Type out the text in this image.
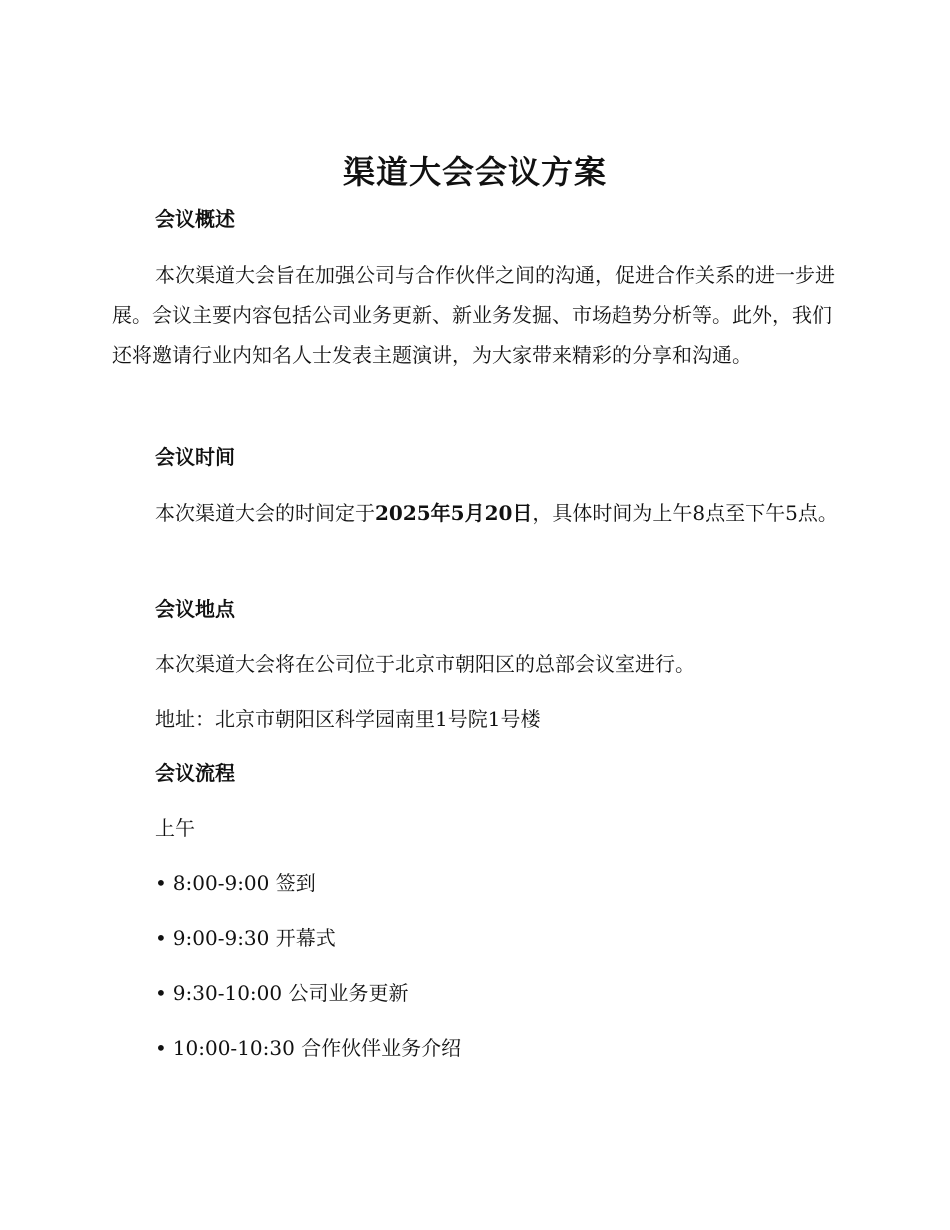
渠道大会会议方案
会议概述

本次渠道大会旨在加强公司与合作伙伴之间的沟通，促进合作关系的进一步进展。会议主要内容包括公司业务更新、新业务发掘、市场趋势分析等。此外，我们还将邀请行业内知名人士发表主题演讲，为大家带来精彩的分享和沟通。

会议时间

本次渠道大会的时间定于2025年5月20日，具体时间为上午8点至下午5点。

会议地点

本次渠道大会将在公司位于北京市朝阳区的总部会议室进行。

地址：北京市朝阳区科学园南里1号院1号楼

会议流程

上午

• 8:00-9:00 签到

• 9:00-9:30 开幕式

• 9:30-10:00 公司业务更新

• 10:00-10:30 合作伙伴业务介绍
